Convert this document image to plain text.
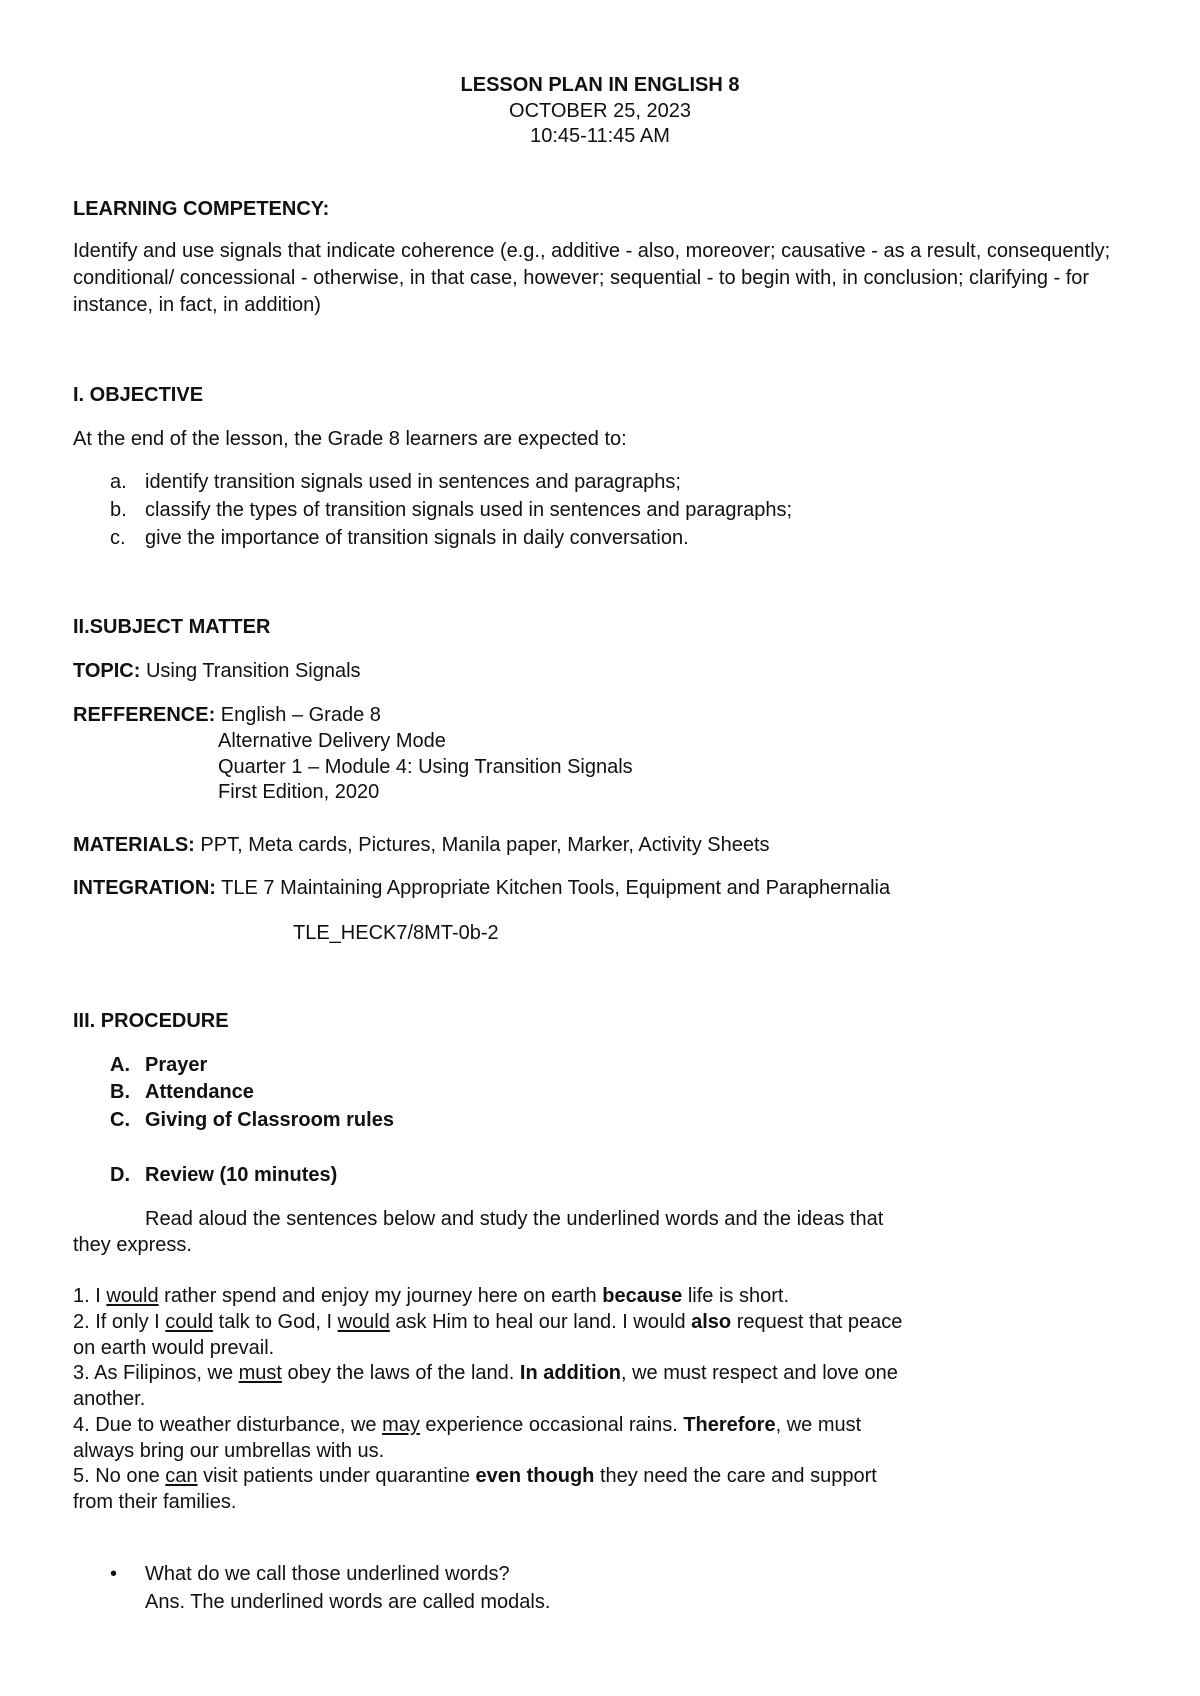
LESSON PLAN IN ENGLISH 8
OCTOBER 25, 2023
10:45-11:45 AM
LEARNING COMPETENCY:
Identify and use signals that indicate coherence (e.g., additive - also, moreover; causative - as a result, consequently; conditional/ concessional - otherwise, in that case, however; sequential - to begin with, in conclusion; clarifying - for instance, in fact, in addition)
I. OBJECTIVE
At the end of the lesson, the Grade 8 learners are expected to:
a. identify transition signals used in sentences and paragraphs;
b. classify the types of transition signals used in sentences and paragraphs;
c. give the importance of transition signals in daily conversation.
II.SUBJECT MATTER
TOPIC: Using Transition Signals
REFFERENCE: English – Grade 8
Alternative Delivery Mode
Quarter 1 – Module 4: Using Transition Signals
First Edition, 2020
MATERIALS: PPT, Meta cards, Pictures, Manila paper, Marker, Activity Sheets
INTEGRATION: TLE 7 Maintaining Appropriate Kitchen Tools, Equipment and Paraphernalia
TLE_HECK7/8MT-0b-2
III. PROCEDURE
A. Prayer
B. Attendance
C. Giving of Classroom rules
D. Review (10 minutes)
Read aloud the sentences below and study the underlined words and the ideas that
they express.
1. I would rather spend and enjoy my journey here on earth because life is short.
2. If only I could talk to God, I would ask Him to heal our land. I would also request that peace
on earth would prevail.
3. As Filipinos, we must obey the laws of the land. In addition, we must respect and love one
another.
4. Due to weather disturbance, we may experience occasional rains. Therefore, we must
always bring our umbrellas with us.
5. No one can visit patients under quarantine even though they need the care and support
from their families.
• What do we call those underlined words?
Ans. The underlined words are called modals.
